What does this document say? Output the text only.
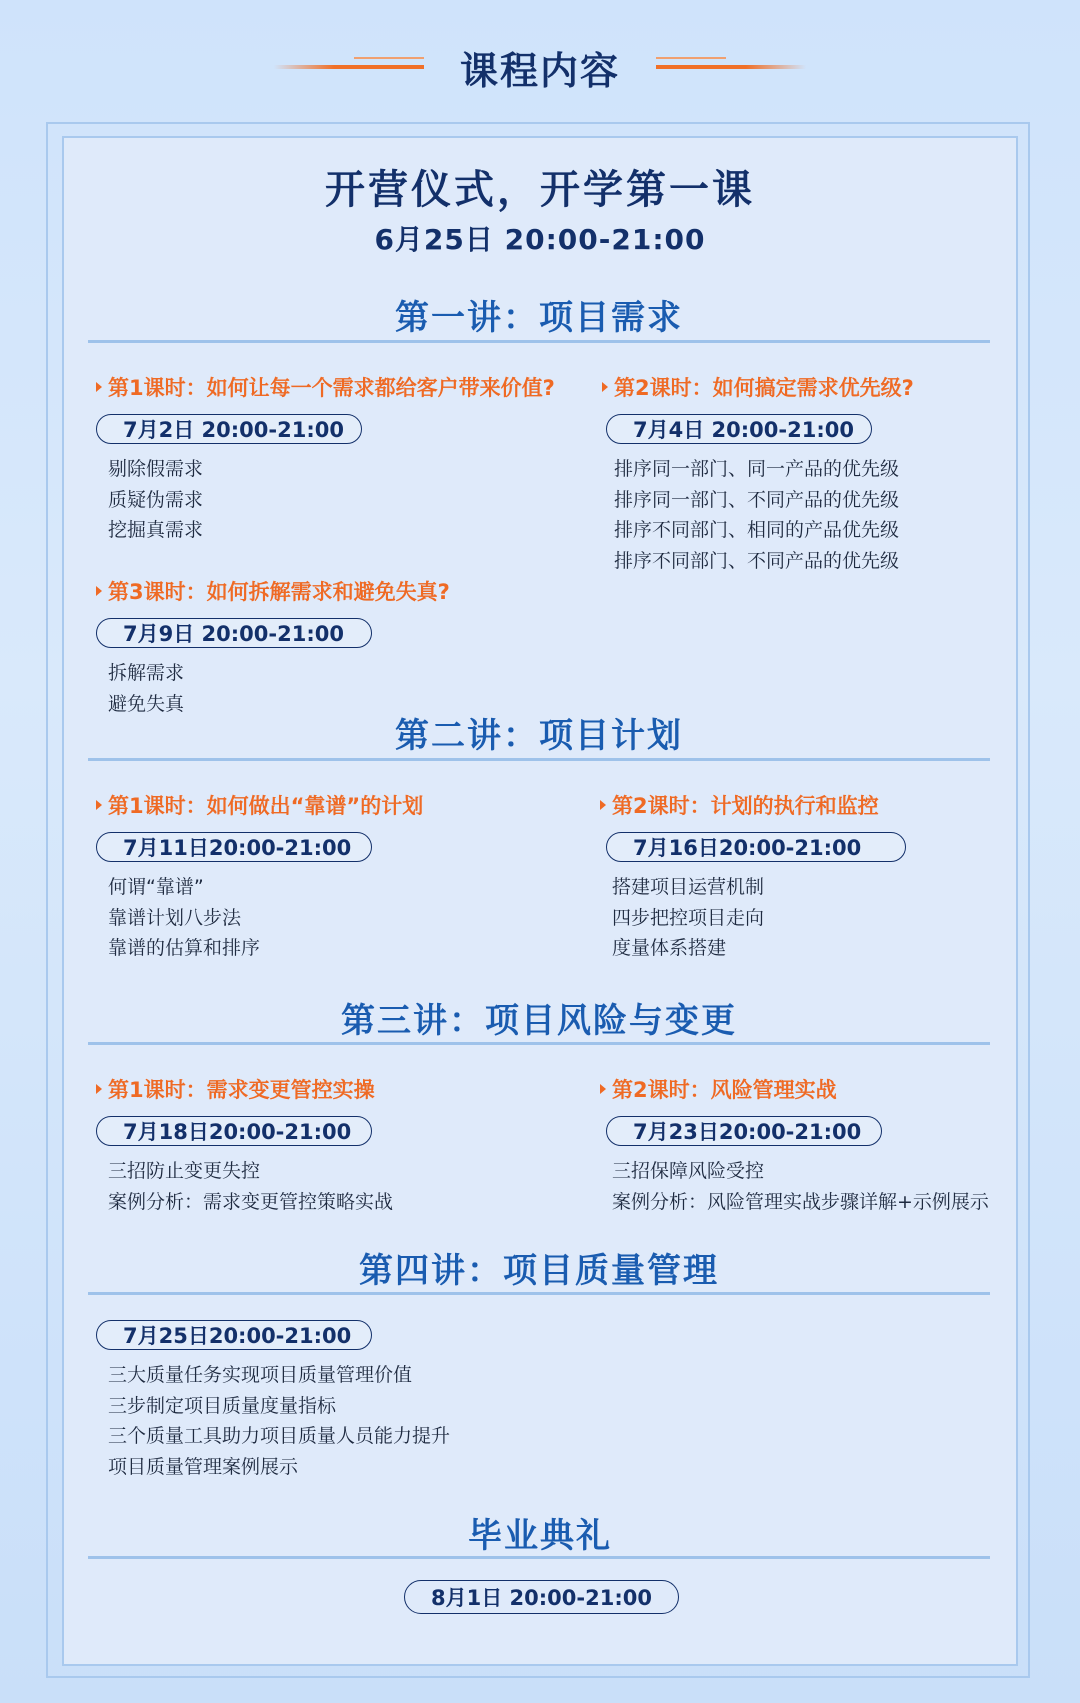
课程内容
开营仪式，开学第一课
6月25日 20:00-21:00
第一讲：项目需求
第1课时：如何让每一个需求都给客户带来价值?
7月2日 20:00-21:00
剔除假需求
质疑伪需求
挖掘真需求
第2课时：如何搞定需求优先级?
7月4日 20:00-21:00
排序同一部门、同一产品的优先级
排序同一部门、不同产品的优先级
排序不同部门、相同的产品优先级
排序不同部门、不同产品的优先级
第3课时：如何拆解需求和避免失真?
7月9日 20:00-21:00
拆解需求
避免失真
第二讲：项目计划
第1课时：如何做出“靠谱”的计划
7月11日20:00-21:00
何谓“靠谱”
靠谱计划八步法
靠谱的估算和排序
第2课时：计划的执行和监控
7月16日20:00-21:00
搭建项目运营机制
四步把控项目走向
度量体系搭建
第三讲：项目风险与变更
第1课时：需求变更管控实操
7月18日20:00-21:00
三招防止变更失控
案例分析：需求变更管控策略实战
第2课时：风险管理实战
7月23日20:00-21:00
三招保障风险受控
案例分析：风险管理实战步骤详解+示例展示
第四讲：项目质量管理
7月25日20:00-21:00
三大质量任务实现项目质量管理价值
三步制定项目质量度量指标
三个质量工具助力项目质量人员能力提升
项目质量管理案例展示
毕业典礼
8月1日 20:00-21:00
